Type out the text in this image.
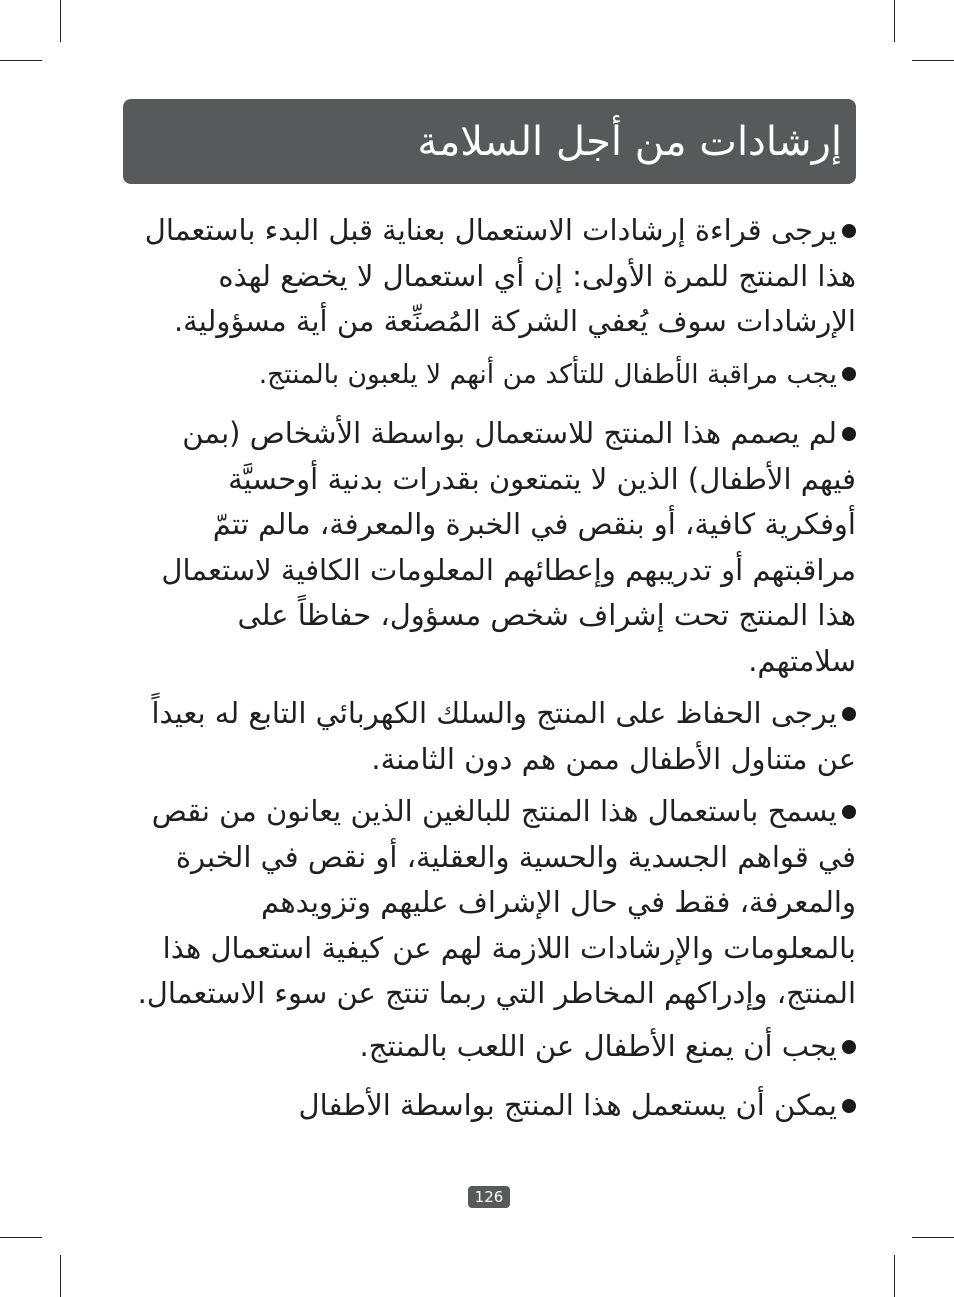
إرشادات من أجل السلامة

يرجى قراءة إرشادات الاستعمال بعناية قبل البدء باستعمال هذا المنتج للمرة الأولى: إن أي استعمال لا يخضع لهذه الإرشادات سوف يُعفي الشركة المُصنِّعة من أية مسؤولية.

يجب مراقبة الأطفال للتأكد من أنهم لا يلعبون بالمنتج.

لم يصمم هذا المنتج للاستعمال بواسطة الأشخاص (بمن فيهم الأطفال) الذين لا يتمتعون بقدرات بدنية أوحسيَّة أوفكرية كافية، أو بنقص في الخبرة والمعرفة، مالم تتمّ مراقبتهم أو تدريبهم وإعطائهم المعلومات الكافية لاستعمال هذا المنتج تحت إشراف شخص مسؤول، حفاظاً على سلامتهم.

يرجى الحفاظ على المنتج والسلك الكهربائي التابع له بعيداً عن متناول الأطفال ممن هم دون الثامنة.

يسمح باستعمال هذا المنتج للبالغين الذين يعانون من نقص في قواهم الجسدية والحسية والعقلية، أو نقص في الخبرة والمعرفة، فقط في حال الإشراف عليهم وتزويدهم بالمعلومات والإرشادات اللازمة لهم عن كيفية استعمال هذا المنتج، وإدراكهم المخاطر التي ربما تنتج عن سوء الاستعمال.

يجب أن يمنع الأطفال عن اللعب بالمنتج.

يمكن أن يستعمل هذا المنتج بواسطة الأطفال

126
